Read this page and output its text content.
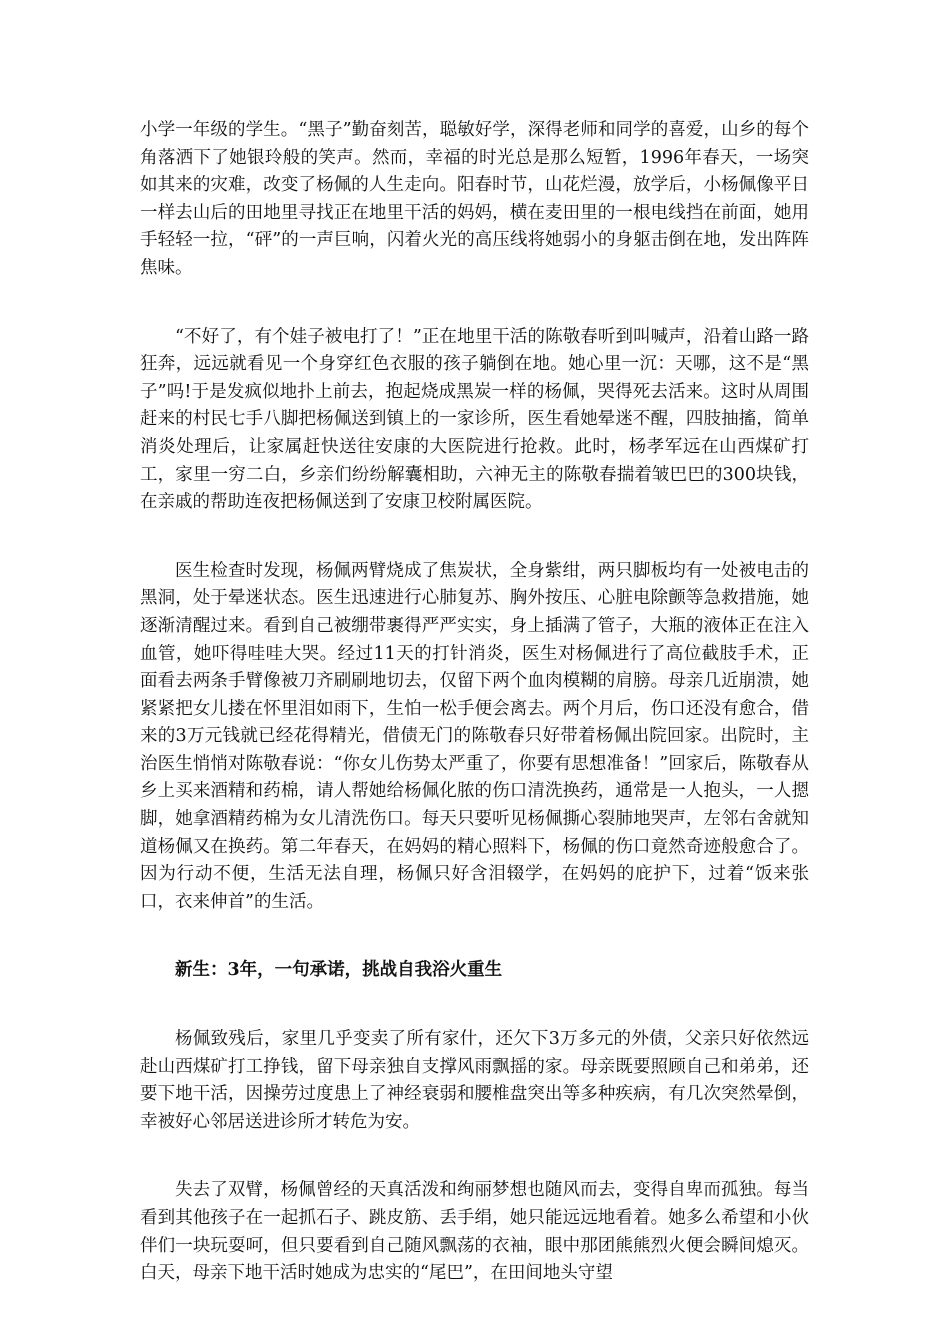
小学一年级的学生。“黑子”勤奋刻苦，聪敏好学，深得老师和同学的喜爱，山乡的每个角落洒下了她银玲般的笑声。然而，幸福的时光总是那么短暂，1996年春天，一场突如其来的灾难，改变了杨佩的人生走向。阳春时节，山花烂漫，放学后，小杨佩像平日一样去山后的田地里寻找正在地里干活的妈妈，横在麦田里的一根电线挡在前面，她用手轻轻一拉，“砰”的一声巨响，闪着火光的高压线将她弱小的身躯击倒在地，发出阵阵焦味。

“不好了，有个娃子被电打了！”正在地里干活的陈敬春听到叫喊声，沿着山路一路狂奔，远远就看见一个身穿红色衣服的孩子躺倒在地。她心里一沉：天哪，这不是“黑子”吗!于是发疯似地扑上前去，抱起烧成黑炭一样的杨佩，哭得死去活来。这时从周围赶来的村民七手八脚把杨佩送到镇上的一家诊所，医生看她晕迷不醒，四肢抽搐，简单消炎处理后，让家属赶快送往安康的大医院进行抢救。此时，杨孝军远在山西煤矿打工，家里一穷二白，乡亲们纷纷解囊相助，六神无主的陈敬春揣着皱巴巴的300块钱，在亲戚的帮助连夜把杨佩送到了安康卫校附属医院。

医生检查时发现，杨佩两臂烧成了焦炭状，全身紫绀，两只脚板均有一处被电击的黑洞，处于晕迷状态。医生迅速进行心肺复苏、胸外按压、心脏电除颤等急救措施，她逐渐清醒过来。看到自己被绷带裹得严严实实，身上插满了管子，大瓶的液体正在注入血管，她吓得哇哇大哭。经过11天的打针消炎，医生对杨佩进行了高位截肢手术，正面看去两条手臂像被刀齐刷刷地切去，仅留下两个血肉模糊的肩膀。母亲几近崩溃，她紧紧把女儿搂在怀里泪如雨下，生怕一松手便会离去。两个月后，伤口还没有愈合，借来的3万元钱就已经花得精光，借债无门的陈敬春只好带着杨佩出院回家。出院时，主治医生悄悄对陈敬春说：“你女儿伤势太严重了，你要有思想准备！”回家后，陈敬春从乡上买来酒精和药棉，请人帮她给杨佩化脓的伤口清洗换药，通常是一人抱头，一人摁脚，她拿酒精药棉为女儿清洗伤口。每天只要听见杨佩撕心裂肺地哭声，左邻右舍就知道杨佩又在换药。第二年春天，在妈妈的精心照料下，杨佩的伤口竟然奇迹般愈合了。因为行动不便，生活无法自理，杨佩只好含泪辍学，在妈妈的庇护下，过着“饭来张口，衣来伸首”的生活。

新生：3年，一句承诺，挑战自我浴火重生

杨佩致残后，家里几乎变卖了所有家什，还欠下3万多元的外债，父亲只好依然远赴山西煤矿打工挣钱，留下母亲独自支撑风雨飘摇的家。母亲既要照顾自己和弟弟，还要下地干活，因操劳过度患上了神经衰弱和腰椎盘突出等多种疾病，有几次突然晕倒，幸被好心邻居送进诊所才转危为安。

失去了双臂，杨佩曾经的天真活泼和绚丽梦想也随风而去，变得自卑而孤独。每当看到其他孩子在一起抓石子、跳皮筋、丢手绢，她只能远远地看着。她多么希望和小伙伴们一块玩耍呵，但只要看到自己随风飘荡的衣袖，眼中那团熊熊烈火便会瞬间熄灭。白天，母亲下地干活时她成为忠实的“尾巴”，在田间地头守望
